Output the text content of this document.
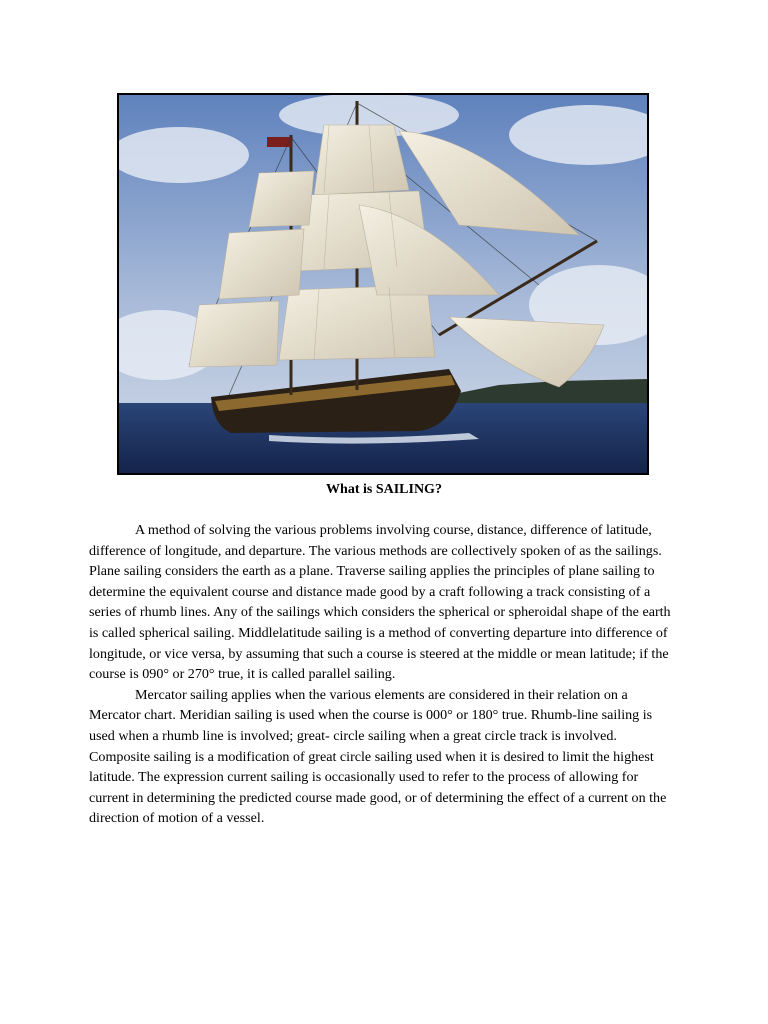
What is SAILING?

A method of solving the various problems involving course, distance, difference of latitude, difference of longitude, and departure. The various methods are collectively spoken of as the sailings. Plane sailing considers the earth as a plane. Traverse sailing applies the principles of plane sailing to determine the equivalent course and distance made good by a craft following a track consisting of a series of rhumb lines. Any of the sailings which considers the spherical or spheroidal shape of the earth is called spherical sailing. Middlelatitude sailing is a method of converting departure into difference of longitude, or vice versa, by assuming that such a course is steered at the middle or mean latitude; if the course is 090° or 270° true, it is called parallel sailing.

Mercator sailing applies when the various elements are considered in their relation on a Mercator chart. Meridian sailing is used when the course is 000° or 180° true. Rhumb-line sailing is used when a rhumb line is involved; great- circle sailing when a great circle track is involved. Composite sailing is a modification of great circle sailing used when it is desired to limit the highest latitude. The expression current sailing is occasionally used to refer to the process of allowing for current in determining the predicted course made good, or of determining the effect of a current on the direction of motion of a vessel.
